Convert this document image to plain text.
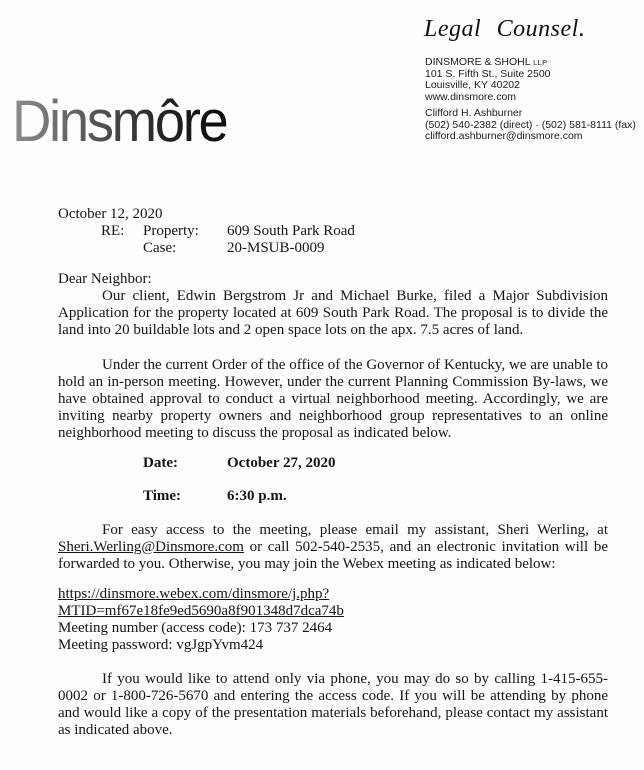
Dinsmôre
Legal Counsel.
DINSMORE & SHOHL LLP
101 S. Fifth St., Suite 2500
Louisville, KY 40202
www.dinsmore.com
Clifford H. Ashburner
(502) 540-2382 (direct) · (502) 581-8111 (fax)
clifford.ashburner@dinsmore.com

October 12, 2020

RE:	Property:	609 South Park Road
Case:	20-MSUB-0009

Dear Neighbor:

Our client, Edwin Bergstrom Jr and Michael Burke, filed a Major Subdivision Application for the property located at 609 South Park Road. The proposal is to divide the land into 20 buildable lots and 2 open space lots on the apx. 7.5 acres of land.

Under the current Order of the office of the Governor of Kentucky, we are unable to hold an in-person meeting. However, under the current Planning Commission By-laws, we have obtained approval to conduct a virtual neighborhood meeting. Accordingly, we are inviting nearby property owners and neighborhood group representatives to an online neighborhood meeting to discuss the proposal as indicated below.

Date:	October 27, 2020
Time:	6:30 p.m.

For easy access to the meeting, please email my assistant, Sheri Werling, at Sheri.Werling@Dinsmore.com or call 502-540-2535, and an electronic invitation will be forwarded to you. Otherwise, you may join the Webex meeting as indicated below:

https://dinsmore.webex.com/dinsmore/j.php?MTID=mf67e18fe9ed5690a8f901348d7dca74b

Meeting number (access code): 173 737 2464

Meeting password: vgJgpYvm424

If you would like to attend only via phone, you may do so by calling 1-415-655-0002 or 1-800-726-5670 and entering the access code. If you will be attending by phone and would like a copy of the presentation materials beforehand, please contact my assistant as indicated above.
